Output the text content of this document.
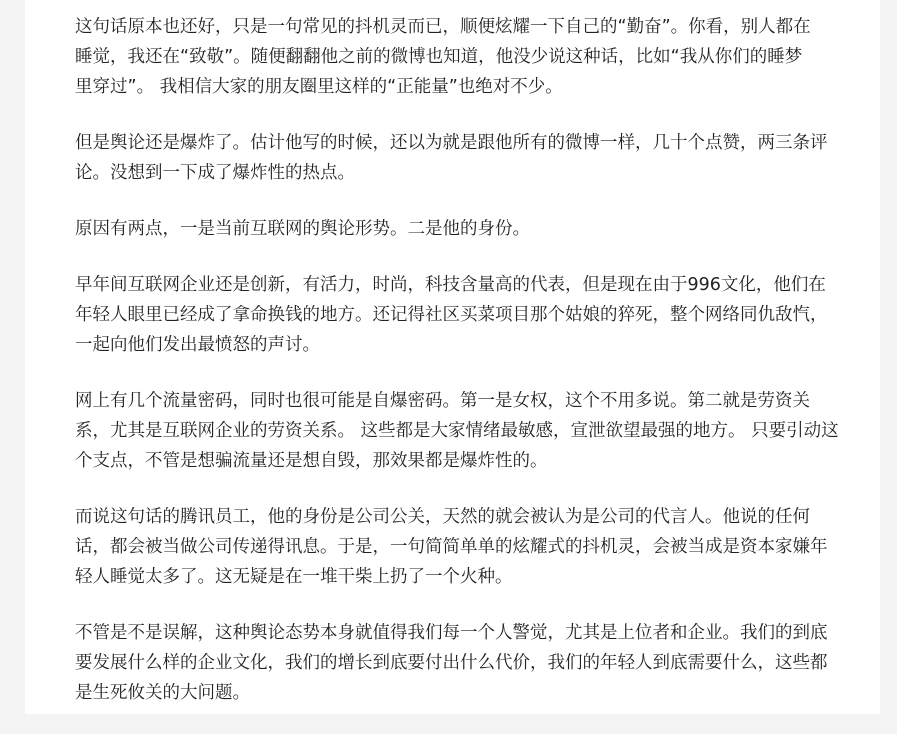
这句话原本也还好，只是一句常见的抖机灵而已，顺便炫耀一下自己的“勤奋”。你看，别人都在
睡觉，我还在“致敬”。随便翻翻他之前的微博也知道，他没少说这种话，比如“我从你们的睡梦
里穿过”。 我相信大家的朋友圈里这样的“正能量”也绝对不少。
但是舆论还是爆炸了。估计他写的时候，还以为就是跟他所有的微博一样，几十个点赞，两三条评
论。没想到一下成了爆炸性的热点。
原因有两点，一是当前互联网的舆论形势。二是他的身份。
早年间互联网企业还是创新，有活力，时尚，科技含量高的代表，但是现在由于996文化，他们在
年轻人眼里已经成了拿命换钱的地方。还记得社区买菜项目那个姑娘的猝死，整个网络同仇敌忾，
一起向他们发出最愤怒的声讨。
网上有几个流量密码，同时也很可能是自爆密码。第一是女权，这个不用多说。第二就是劳资关
系，尤其是互联网企业的劳资关系。 这些都是大家情绪最敏感，宣泄欲望最强的地方。 只要引动这
个支点，不管是想骗流量还是想自毁，那效果都是爆炸性的。
而说这句话的腾讯员工，他的身份是公司公关，天然的就会被认为是公司的代言人。他说的任何
话，都会被当做公司传递得讯息。于是，一句简简单单的炫耀式的抖机灵，会被当成是资本家嫌年
轻人睡觉太多了。这无疑是在一堆干柴上扔了一个火种。
不管是不是误解，这种舆论态势本身就值得我们每一个人警觉，尤其是上位者和企业。我们的到底
要发展什么样的企业文化，我们的增长到底要付出什么代价，我们的年轻人到底需要什么，这些都
是生死攸关的大问题。
